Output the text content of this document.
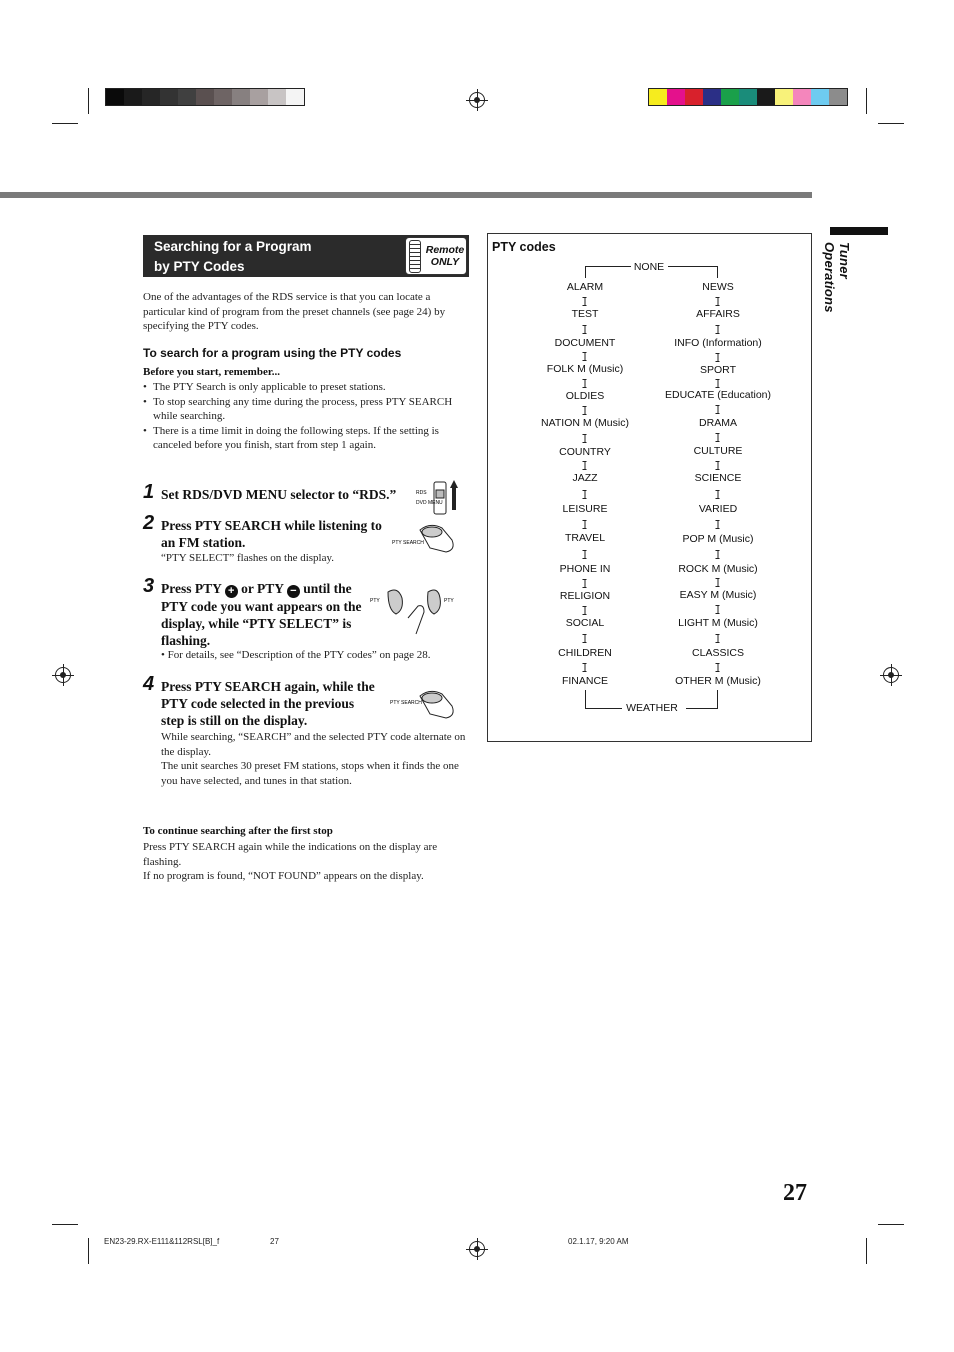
Tuner Operations
Searching for a Program
by PTY Codes
Remote
ONLY
One of the advantages of the RDS service is that you can locate a particular kind of program from the preset channels (see page 24) by specifying the PTY codes.
To search for a program using the PTY codes
Before you start, remember...
• The PTY Search is only applicable to preset stations.
• To stop searching any time during the process, press PTY SEARCH while searching.
• There is a time limit in doing the following steps. If the setting is canceled before you finish, start from step 1 again.
1 Set RDS/DVD MENU selector to “RDS.”
2 Press PTY SEARCH while listening to an FM station.
“PTY SELECT” flashes on the display.
3 Press PTY + or PTY − until the PTY code you want appears on the display, while “PTY SELECT” is flashing.
• For details, see “Description of the PTY codes” on page 28.
4 Press PTY SEARCH again, while the PTY code selected in the previous step is still on the display.
While searching, “SEARCH” and the selected PTY code alternate on the display.
The unit searches 30 preset FM stations, stops when it finds the one you have selected, and tunes in that station.
RDS
DVD MENU
PTY SEARCH
PTY	PTY
PTY SEARCH
To continue searching after the first stop
Press PTY SEARCH again while the indications on the display are flashing.
If no program is found, “NOT FOUND” appears on the display.
PTY codes
ALARM
TEST
DOCUMENT
FOLK M (Music)
OLDIES
NATION M (Music)
COUNTRY
JAZZ
LEISURE
TRAVEL
PHONE IN
RELIGION
SOCIAL
CHILDREN
FINANCE
NEWS
AFFAIRS
INFO (Information)
SPORT
EDUCATE (Education)
DRAMA
CULTURE
SCIENCE
VARIED
POP M (Music)
ROCK M (Music)
EASY M (Music)
LIGHT M (Music)
CLASSICS
OTHER M (Music)
NONE
WEATHER
27
EN23-29.RX-E111&112RSL[B]_f	27	02.1.17, 9:20 AM
